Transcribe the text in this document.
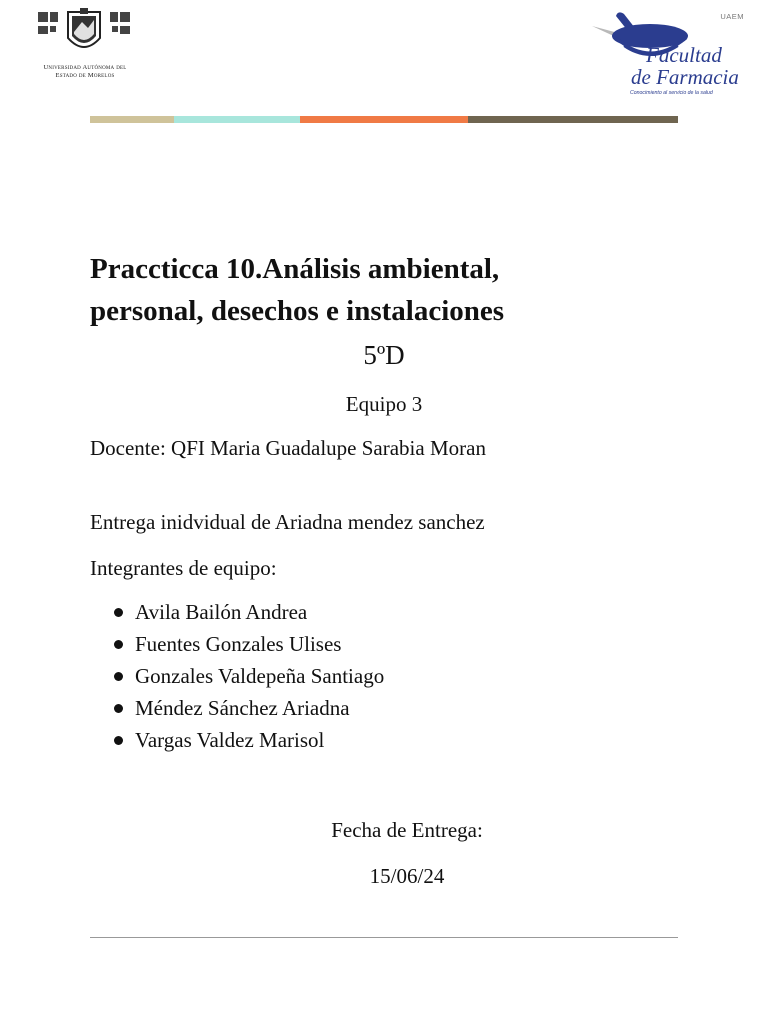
Universidad Autónoma del
Estado de Morelos
UAEM
Facultad
de Farmacia
Conocimiento al servicio de la salud
Praccticca 10.Análisis ambiental,
personal, desechos e instalaciones
5ºD
Equipo 3
Docente: QFI Maria Guadalupe Sarabia Moran
Entrega inidvidual de Ariadna mendez sanchez
Integrantes de equipo:
Avila Bailón Andrea
Fuentes Gonzales Ulises
Gonzales Valdepeña Santiago
Méndez Sánchez Ariadna
Vargas Valdez Marisol
Fecha de Entrega:
15/06/24
